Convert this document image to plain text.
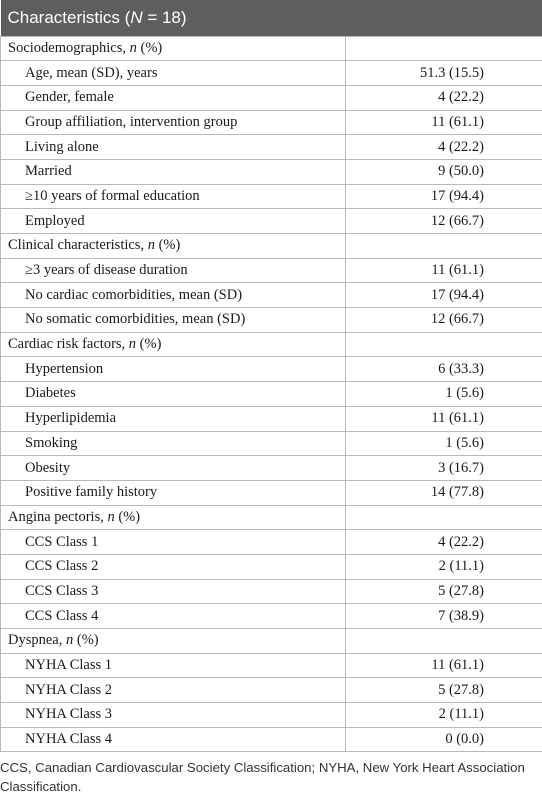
Characteristics (N = 18)	
Sociodemographics, n (%)	
Age, mean (SD), years	51.3 (15.5)
Gender, female	4 (22.2)
Group affiliation, intervention group	11 (61.1)
Living alone	4 (22.2)
Married	9 (50.0)
≥10 years of formal education	17 (94.4)
Employed	12 (66.7)
Clinical characteristics, n (%)	
≥3 years of disease duration	11 (61.1)
No cardiac comorbidities, mean (SD)	17 (94.4)
No somatic comorbidities, mean (SD)	12 (66.7)
Cardiac risk factors, n (%)	
Hypertension	6 (33.3)
Diabetes	1 (5.6)
Hyperlipidemia	11 (61.1)
Smoking	1 (5.6)
Obesity	3 (16.7)
Positive family history	14 (77.8)
Angina pectoris, n (%)	
CCS Class 1	4 (22.2)
CCS Class 2	2 (11.1)
CCS Class 3	5 (27.8)
CCS Class 4	7 (38.9)
Dyspnea, n (%)	
NYHA Class 1	11 (61.1)
NYHA Class 2	5 (27.8)
NYHA Class 3	2 (11.1)
NYHA Class 4	0 (0.0)
CCS, Canadian Cardiovascular Society Classification; NYHA, New York Heart Association Classification.
